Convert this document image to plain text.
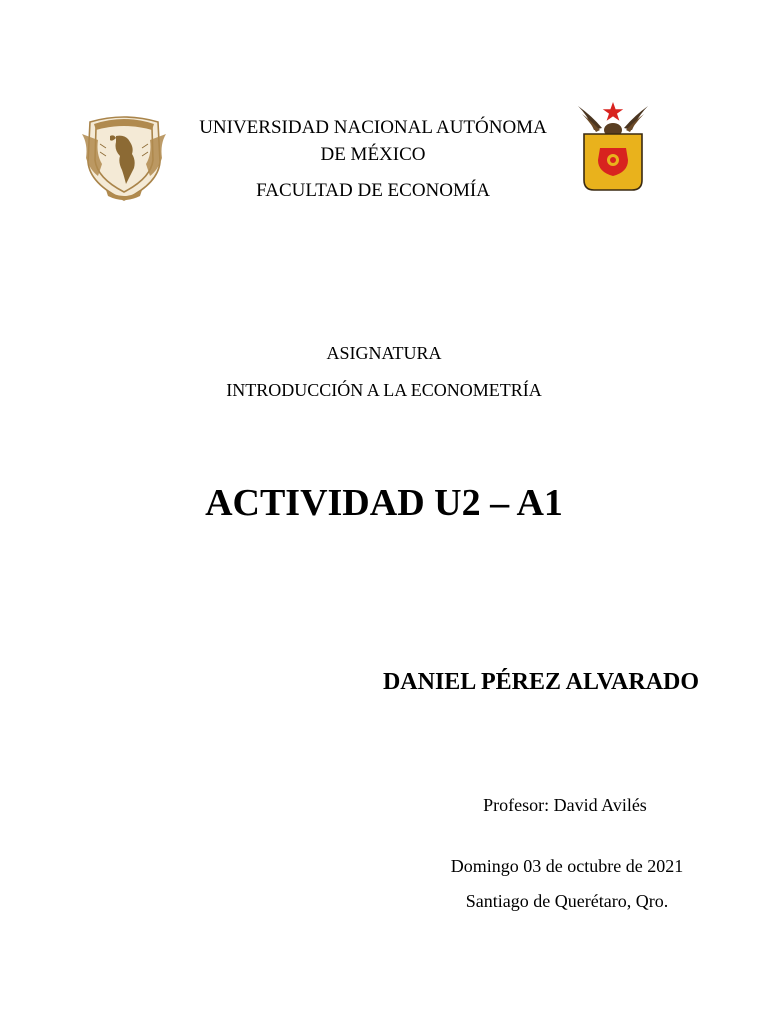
UNIVERSIDAD NACIONAL AUTÓNOMA
DE MÉXICO
FACULTAD DE ECONOMÍA
ASIGNATURA
INTRODUCCIÓN A LA ECONOMETRÍA
ACTIVIDAD U2 – A1
DANIEL PÉREZ ALVARADO
Profesor: David Avilés
Domingo 03 de octubre de 2021
Santiago de Querétaro, Qro.
